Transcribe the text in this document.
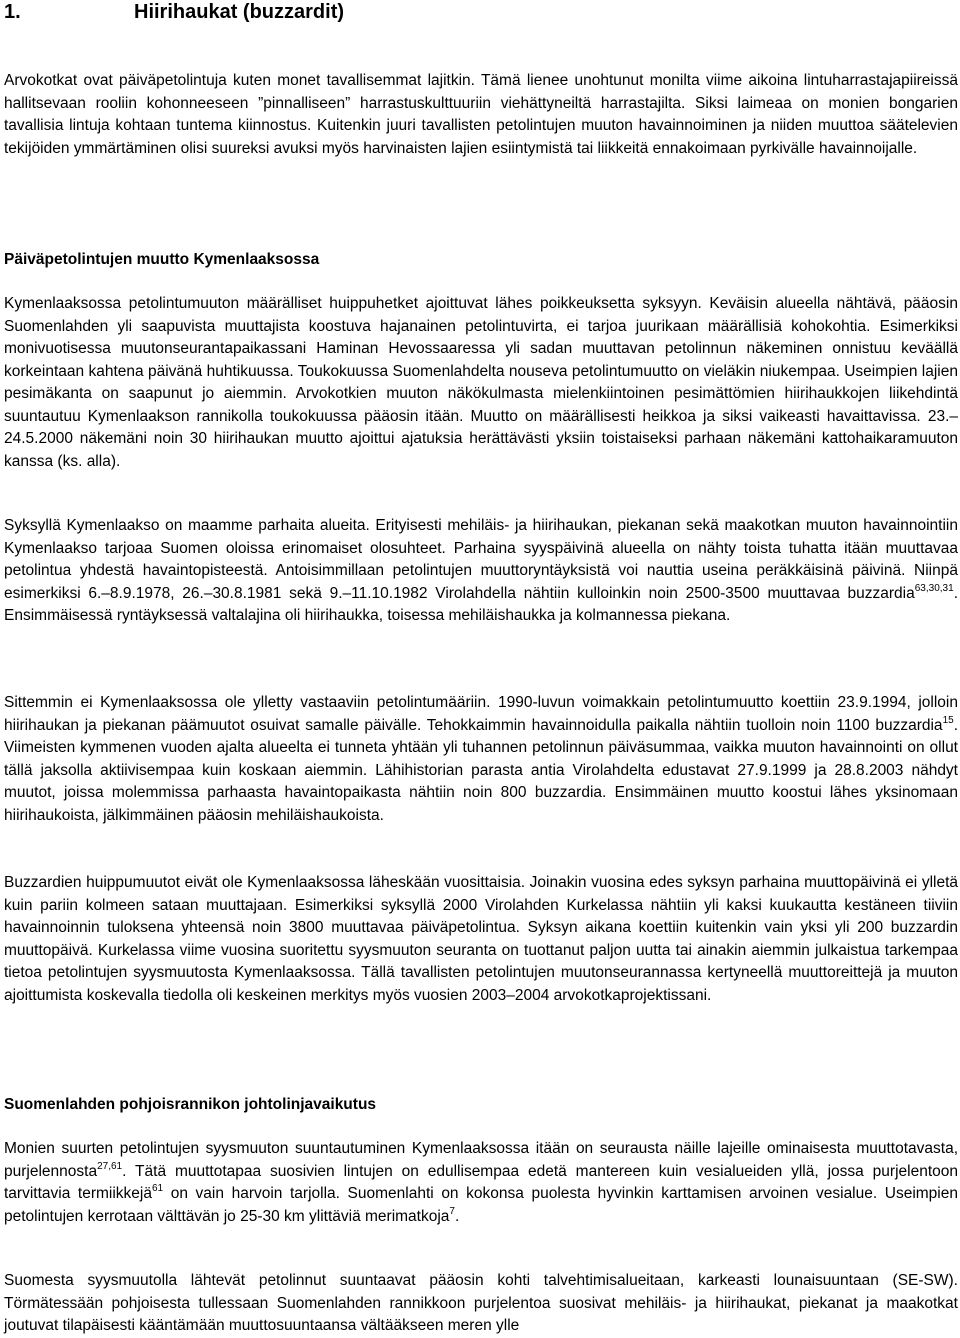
1.	Hiirihaukat (buzzardit)

Arvokotkat ovat päiväpetolintuja kuten monet tavallisemmat lajitkin. Tämä lienee unohtunut monilta viime aikoina lintuharrastajapiireissä hallitsevaan rooliin kohonneeseen ”pinnalliseen” harrastuskulttuuriin viehättyneiltä harrastajilta. Siksi laimeaa on monien bongarien tavallisia lintuja kohtaan tuntema kiinnostus. Kuitenkin juuri tavallisten petolintujen muuton havainnoiminen ja niiden muuttoa säätelevien tekijöiden ymmärtäminen olisi suureksi avuksi myös harvinaisten lajien esiintymistä tai liikkeitä ennakoimaan pyrkivälle havainnoijalle.

Päiväpetolintujen muutto Kymenlaaksossa

Kymenlaaksossa petolintumuuton määrälliset huippuhetket ajoittuvat lähes poikkeuksetta syksyyn. Keväisin alueella nähtävä, pääosin Suomenlahden yli saapuvista muuttajista koostuva hajanainen petolintuvirta, ei tarjoa juurikaan määrällisiä kohokohtia. Esimerkiksi monivuotisessa muutonseurantapaikassani Haminan Hevossaaressa yli sadan muuttavan petolinnun näkeminen onnistuu keväällä korkeintaan kahtena päivänä huhtikuussa. Toukokuussa Suomenlahdelta nouseva petolintumuutto on vieläkin niukempaa. Useimpien lajien pesimäkanta on saapunut jo aiemmin. Arvokotkien muuton näkökulmasta mielenkiintoinen pesimättömien hiirihaukkojen liikehdintä suuntautuu Kymenlaakson rannikolla toukokuussa pääosin itään. Muutto on määrällisesti heikkoa ja siksi vaikeasti havaittavissa. 23.–24.5.2000 näkemäni noin 30 hiirihaukan muutto ajoittui ajatuksia herättävästi yksiin toistaiseksi parhaan näkemäni kattohaikaramuuton kanssa (ks. alla).

Syksyllä Kymenlaakso on maamme parhaita alueita. Erityisesti mehiläis- ja hiirihaukan, piekanan sekä maakotkan muuton havainnointiin Kymenlaakso tarjoaa Suomen oloissa erinomaiset olosuhteet. Parhaina syyspäivinä alueella on nähty toista tuhatta itään muuttavaa petolintua yhdestä havaintopisteestä. Antoisimmillaan petolintujen muuttoryntäyksistä voi nauttia useina peräkkäisinä päivinä. Niinpä esimerkiksi 6.–8.9.1978, 26.–30.8.1981 sekä 9.–11.10.1982 Virolahdella nähtiin kulloinkin noin 2500-3500 muuttavaa buzzardia$^{63,30,31}$. Ensimmäisessä ryntäyksessä valtalajina oli hiirihaukka, toisessa mehiläishaukka ja kolmannessa piekana.

Sittemmin ei Kymenlaaksossa ole ylletty vastaaviin petolintumääriin. 1990-luvun voimakkain petolintumuutto koettiin 23.9.1994, jolloin hiirihaukan ja piekanan päämuutot osuivat samalle päivälle. Tehokkaimmin havainnoidulla paikalla nähtiin tuolloin noin 1100 buzzardia$^{15}$. Viimeisten kymmenen vuoden ajalta alueelta ei tunneta yhtään yli tuhannen petolinnun päiväsummaa, vaikka muuton havainnointi on ollut tällä jaksolla aktiivisempaa kuin koskaan aiemmin. Lähihistorian parasta antia Virolahdelta edustavat 27.9.1999 ja 28.8.2003 nähdyt muutot, joissa molemmissa parhaasta havaintopaikasta nähtiin noin 800 buzzardia. Ensimmäinen muutto koostui lähes yksinomaan hiirihaukoista, jälkimmäinen pääosin mehiläishaukoista.

Buzzardien huippumuutot eivät ole Kymenlaaksossa läheskään vuosittaisia. Joinakin vuosina edes syksyn parhaina muuttopäivinä ei ylletä kuin pariin kolmeen sataan muuttajaan. Esimerkiksi syksyllä 2000 Virolahden Kurkelassa nähtiin yli kaksi kuukautta kestäneen tiiviin havainnoinnin tuloksena yhteensä noin 3800 muuttavaa päiväpetolintua. Syksyn aikana koettiin kuitenkin vain yksi yli 200 buzzardin muuttopäivä. Kurkelassa viime vuosina suoritettu syysmuuton seuranta on tuottanut paljon uutta tai ainakin aiemmin julkaistua tarkempaa tietoa petolintujen syysmuutosta Kymenlaaksossa. Tällä tavallisten petolintujen muutonseurannassa kertyneellä muuttoreittejä ja muuton ajoittumista koskevalla tiedolla oli keskeinen merkitys myös vuosien 2003–2004 arvokotkaprojektissani.

Suomenlahden pohjoisrannikon johtolinjavaikutus

Monien suurten petolintujen syysmuuton suuntautuminen Kymenlaaksossa itään on seurausta näille lajeille ominaisesta muuttotavasta, purjelennosta$^{27,61}$. Tätä muuttotapaa suosivien lintujen on edullisempaa edetä mantereen kuin vesialueiden yllä, jossa purjelentoon tarvittavia termiikkejä$^{61}$ on vain harvoin tarjolla. Suomenlahti on kokonsa puolesta hyvinkin karttamisen arvoinen vesialue. Useimpien petolintujen kerrotaan välttävän jo 25-30 km ylittäviä merimatkoja$^7$.

Suomesta syysmuutolla lähtevät petolinnut suuntaavat pääosin kohti talvehtimisalueitaan, karkeasti lounaisuuntaan (SE-SW). Törmätessään pohjoisesta tullessaan Suomenlahden rannikkoon purjelentoa suosivat mehiläis- ja hiirihaukat, piekanat ja maakotkat joutuvat tilapäisesti kääntämään muuttosuuntaansa vältääkseen meren ylle
